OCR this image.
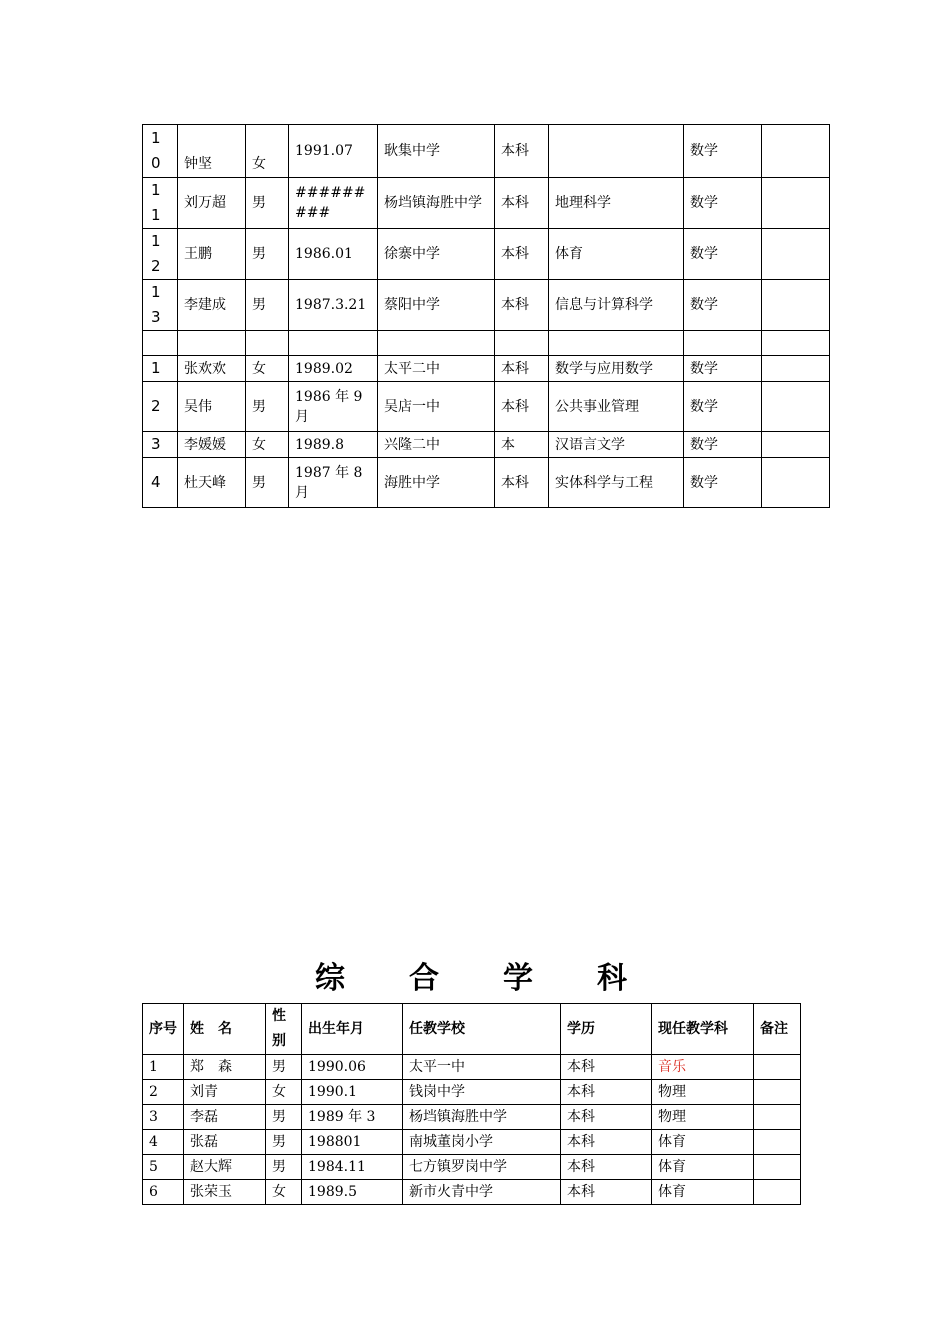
1 0	钟坚	女	1991.07	耿集中学	本科		数学	
1 1	刘万超	男	#########	杨垱镇海胜中学	本科	地理科学	数学	
1 2	王鹏	男	1986.01	徐寨中学	本科	体育	数学	
1 3	李建成	男	1987.3.21	蔡阳中学	本科	信息与计算科学	数学	

1	张欢欢	女	1989.02	太平二中	本科	数学与应用数学	数学	
2	吴伟	男	1986 年 9 月	吴店一中	本科	公共事业管理	数学	
3	李媛媛	女	1989.8	兴隆二中	本	汉语言文学	数学	
4	杜天峰	男	1987 年 8 月	海胜中学	本科	实体科学与工程	数学	
综 合 学 科
序号	姓　名	性别	出生年月	任教学校	学历	现任教学科	备注
1	郑　森	男	1990.06	太平一中	本科	音乐	
2	刘青	女	1990.1	钱岗中学	本科	物理	
3	李磊	男	1989 年 3	杨垱镇海胜中学	本科	物理	
4	张磊	男	198801	南城董岗小学	本科	体育	
5	赵大辉	男	1984.11	七方镇罗岗中学	本科	体育	
6	张荣玉	女	1989.5	新市火青中学	本科	体育	
